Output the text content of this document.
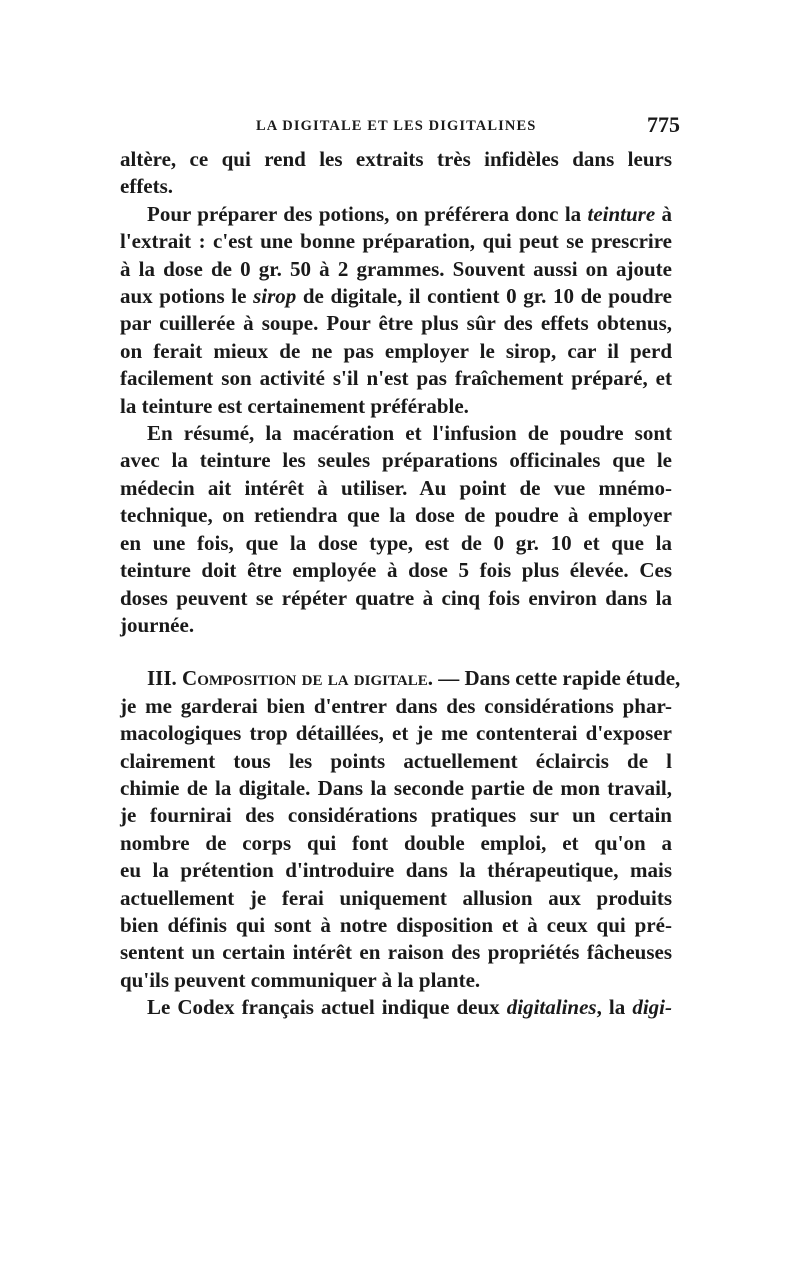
LA DIGITALE ET LES DIGITALINES	775
altère, ce qui rend les extraits très infidèles dans leurs
effets.
Pour préparer des potions, on préférera donc la teinture à
l'extrait : c'est une bonne préparation, qui peut se prescrire
à la dose de 0 gr. 50 à 2 grammes. Souvent aussi on ajoute
aux potions le sirop de digitale, il contient 0 gr. 10 de poudre
par cuillerée à soupe. Pour être plus sûr des effets obtenus,
on ferait mieux de ne pas employer le sirop, car il perd
facilement son activité s'il n'est pas fraîchement préparé, et
la teinture est certainement préférable.
En résumé, la macération et l'infusion de poudre sont
avec la teinture les seules préparations officinales que le
médecin ait intérêt à utiliser. Au point de vue mnémo-
technique, on retiendra que la dose de poudre à employer
en une fois, que la dose type, est de 0 gr. 10 et que la
teinture doit être employée à dose 5 fois plus élevée. Ces
doses peuvent se répéter quatre à cinq fois environ dans la
journée.
III. Composition de la digitale. — Dans cette rapide étude,
je me garderai bien d'entrer dans des considérations phar-
macologiques trop détaillées, et je me contenterai d'exposer
clairement tous les points actuellement éclaircis de l
chimie de la digitale. Dans la seconde partie de mon travail,
je fournirai des considérations pratiques sur un certain
nombre de corps qui font double emploi, et qu'on a
eu la prétention d'introduire dans la thérapeutique, mais
actuellement je ferai uniquement allusion aux produits
bien définis qui sont à notre disposition et à ceux qui pré-
sentent un certain intérêt en raison des propriétés fâcheuses
qu'ils peuvent communiquer à la plante.
Le Codex français actuel indique deux digitalines, la digi-
